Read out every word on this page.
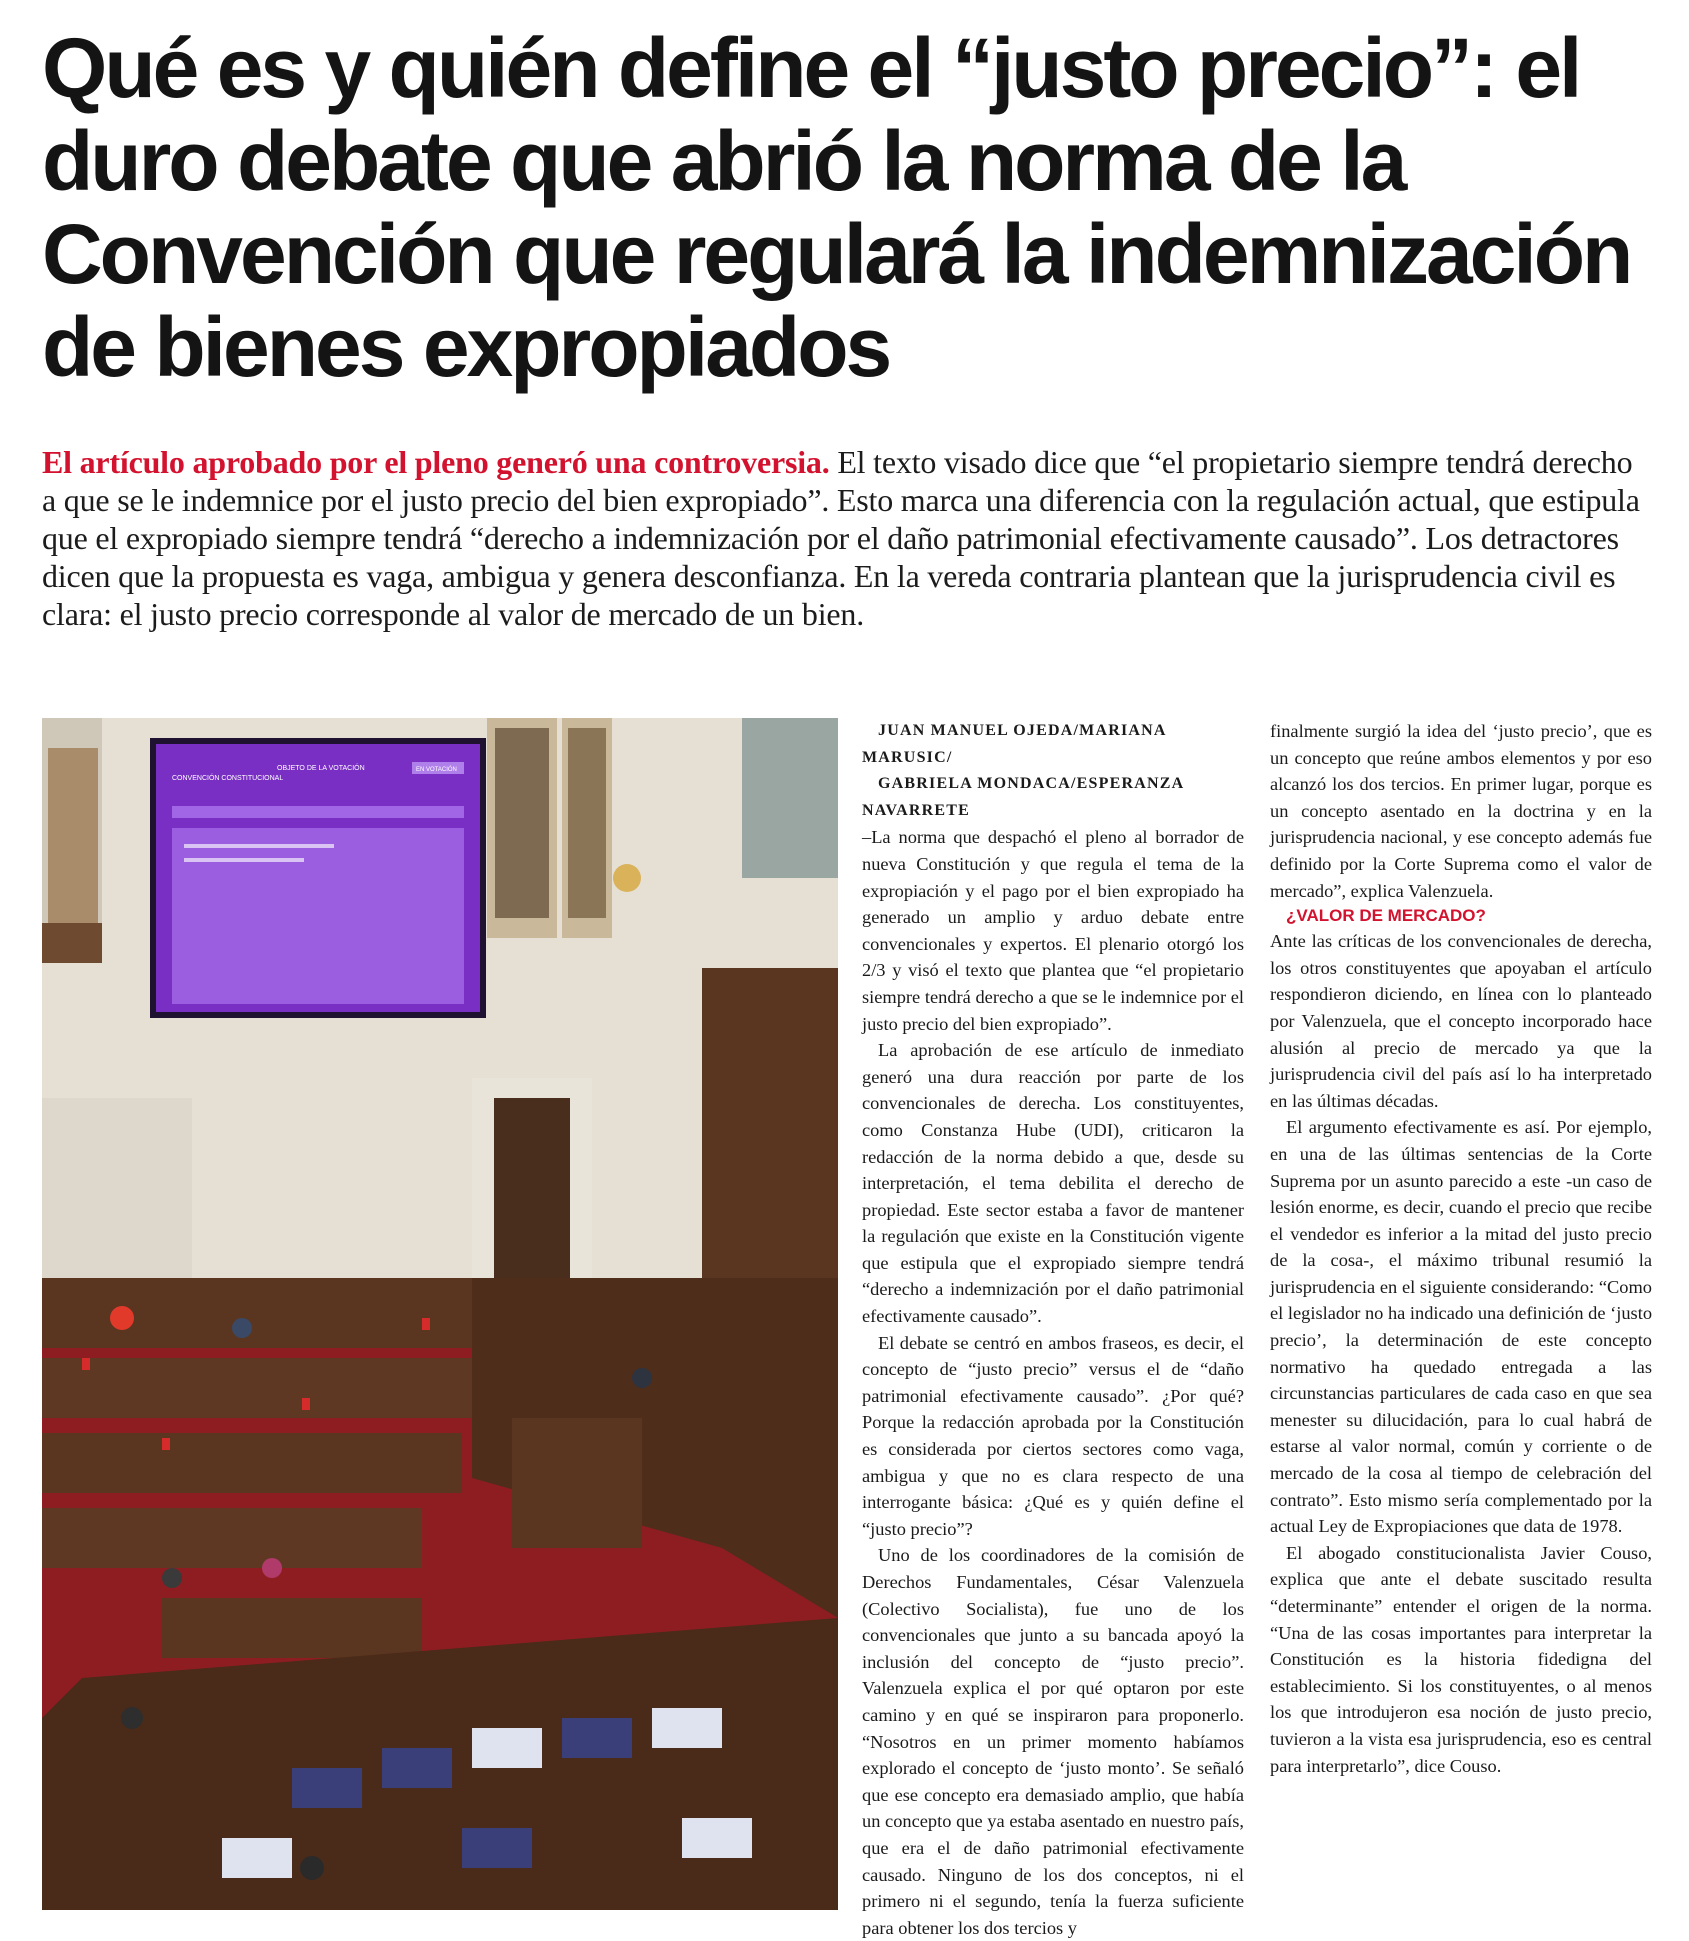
Qué es y quién define el “justo precio”: el duro debate que abrió la norma de la Convención que regulará la indemnización de bienes expropiados

El artículo aprobado por el pleno generó una controversia. El texto visado dice que “el propietario siempre tendrá derecho a que se le indemnice por el justo precio del bien expropiado”. Esto marca una diferencia con la regulación actual, que estipula que el expropiado siempre tendrá “derecho a indemnización por el daño patrimonial efectivamente causado”. Los detractores dicen que la propuesta es vaga, ambigua y genera desconfianza. En la vereda contraria plantean que la jurisprudencia civil es clara: el justo precio corresponde al valor de mercado de un bien.

CONVENCIÓN CONSTITUCIONAL
OBJETO DE LA VOTACIÓN	EN VOTACIÓN

JUAN MANUEL OJEDA/MARIANA MARUSIC/

GABRIELA MONDACA/ESPERANZA NAVARRETE

–La norma que despachó el pleno al borrador de nueva Constitución y que regula el tema de la expropiación y el pago por el bien expropiado ha generado un amplio y arduo debate entre convencionales y expertos. El plenario otorgó los 2/3 y visó el texto que plantea que “el propietario siempre tendrá derecho a que se le indemnice por el justo precio del bien expropiado”.

La aprobación de ese artículo de inmediato generó una dura reacción por parte de los convencionales de derecha. Los constituyentes, como Constanza Hube (UDI), criticaron la redacción de la norma debido a que, desde su interpretación, el tema debilita el derecho de propiedad. Este sector estaba a favor de mantener la regulación que existe en la Constitución vigente que estipula que el expropiado siempre tendrá “derecho a indemnización por el daño patrimonial efectivamente causado”.

El debate se centró en ambos fraseos, es decir, el concepto de “justo precio” versus el de “daño patrimonial efectivamente causado”. ¿Por qué? Porque la redacción aprobada por la Constitución es considerada por ciertos sectores como vaga, ambigua y que no es clara respecto de una interrogante básica: ¿Qué es y quién define el “justo precio”?

Uno de los coordinadores de la comisión de Derechos Fundamentales, César Valenzuela (Colectivo Socialista), fue uno de los convencionales que junto a su bancada apoyó la inclusión del concepto de “justo precio”. Valenzuela explica el por qué optaron por este camino y en qué se inspiraron para proponerlo. “Nosotros en un primer momento habíamos explorado el concepto de ‘justo monto’. Se señaló que ese concepto era demasiado amplio, que había un concepto que ya estaba asentado en nuestro país, que era el de daño patrimonial efectivamente causado. Ninguno de los dos conceptos, ni el primero ni el segundo, tenía la fuerza suficiente para obtener los dos tercios y

finalmente surgió la idea del ‘justo precio’, que es un concepto que reúne ambos elementos y por eso alcanzó los dos tercios. En primer lugar, porque es un concepto asentado en la doctrina y en la jurisprudencia nacional, y ese concepto además fue definido por la Corte Suprema como el valor de mercado”, explica Valenzuela.

¿VALOR DE MERCADO?

Ante las críticas de los convencionales de derecha, los otros constituyentes que apoyaban el artículo respondieron diciendo, en línea con lo planteado por Valenzuela, que el concepto incorporado hace alusión al precio de mercado ya que la jurisprudencia civil del país así lo ha interpretado en las últimas décadas.

El argumento efectivamente es así. Por ejemplo, en una de las últimas sentencias de la Corte Suprema por un asunto parecido a este -un caso de lesión enorme, es decir, cuando el precio que recibe el vendedor es inferior a la mitad del justo precio de la cosa-, el máximo tribunal resumió la jurisprudencia en el siguiente considerando: “Como el legislador no ha indicado una definición de ‘justo precio’, la determinación de este concepto normativo ha quedado entregada a las circunstancias particulares de cada caso en que sea menester su dilucidación, para lo cual habrá de estarse al valor normal, común y corriente o de mercado de la cosa al tiempo de celebración del contrato”. Esto mismo sería complementado por la actual Ley de Expropiaciones que data de 1978.

El abogado constitucionalista Javier Couso, explica que ante el debate suscitado resulta “determinante” entender el origen de la norma. “Una de las cosas importantes para interpretar la Constitución es la historia fidedigna del establecimiento. Si los constituyentes, o al menos los que introdujeron esa noción de justo precio, tuvieron a la vista esa jurisprudencia, eso es central para interpretarlo”, dice Couso.
